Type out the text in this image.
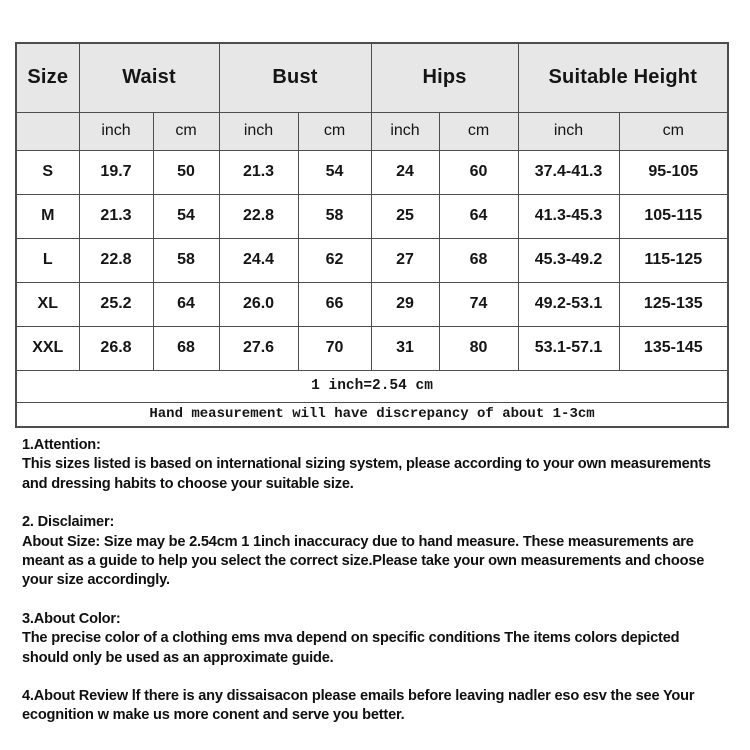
Size	Waist		Bust		Hips		Suitable Height	
	inch	cm	inch	cm	inch	cm	inch	cm
S	19.7	50	21.3	54	24	60	37.4-41.3	95-105
M	21.3	54	22.8	58	25	64	41.3-45.3	105-115
L	22.8	58	24.4	62	27	68	45.3-49.2	115-125
XL	25.2	64	26.0	66	29	74	49.2-53.1	125-135
XXL	26.8	68	27.6	70	31	80	53.1-57.1	135-145
1 inch=2.54 cm								
Hand measurement will have discrepancy of about 1-3cm								
1.Attention:
This sizes listed is based on international sizing system, please according to your own measurements and dressing habits to choose your suitable size.
2. Disclaimer:
About Size: Size may be 2.54cm 1 1inch inaccuracy due to hand measure. These measurements are meant as a guide to help you select the correct size.Please take your own measurements and choose your size accordingly.
3.About Color:
The precise color of a clothing ems mva depend on specific conditions The items colors depicted should only be used as an approximate guide.
4.About Review lf there is any dissaisacon please emails before leaving nadler eso esv the see Your ecognition w make us more conent and serve you better.
